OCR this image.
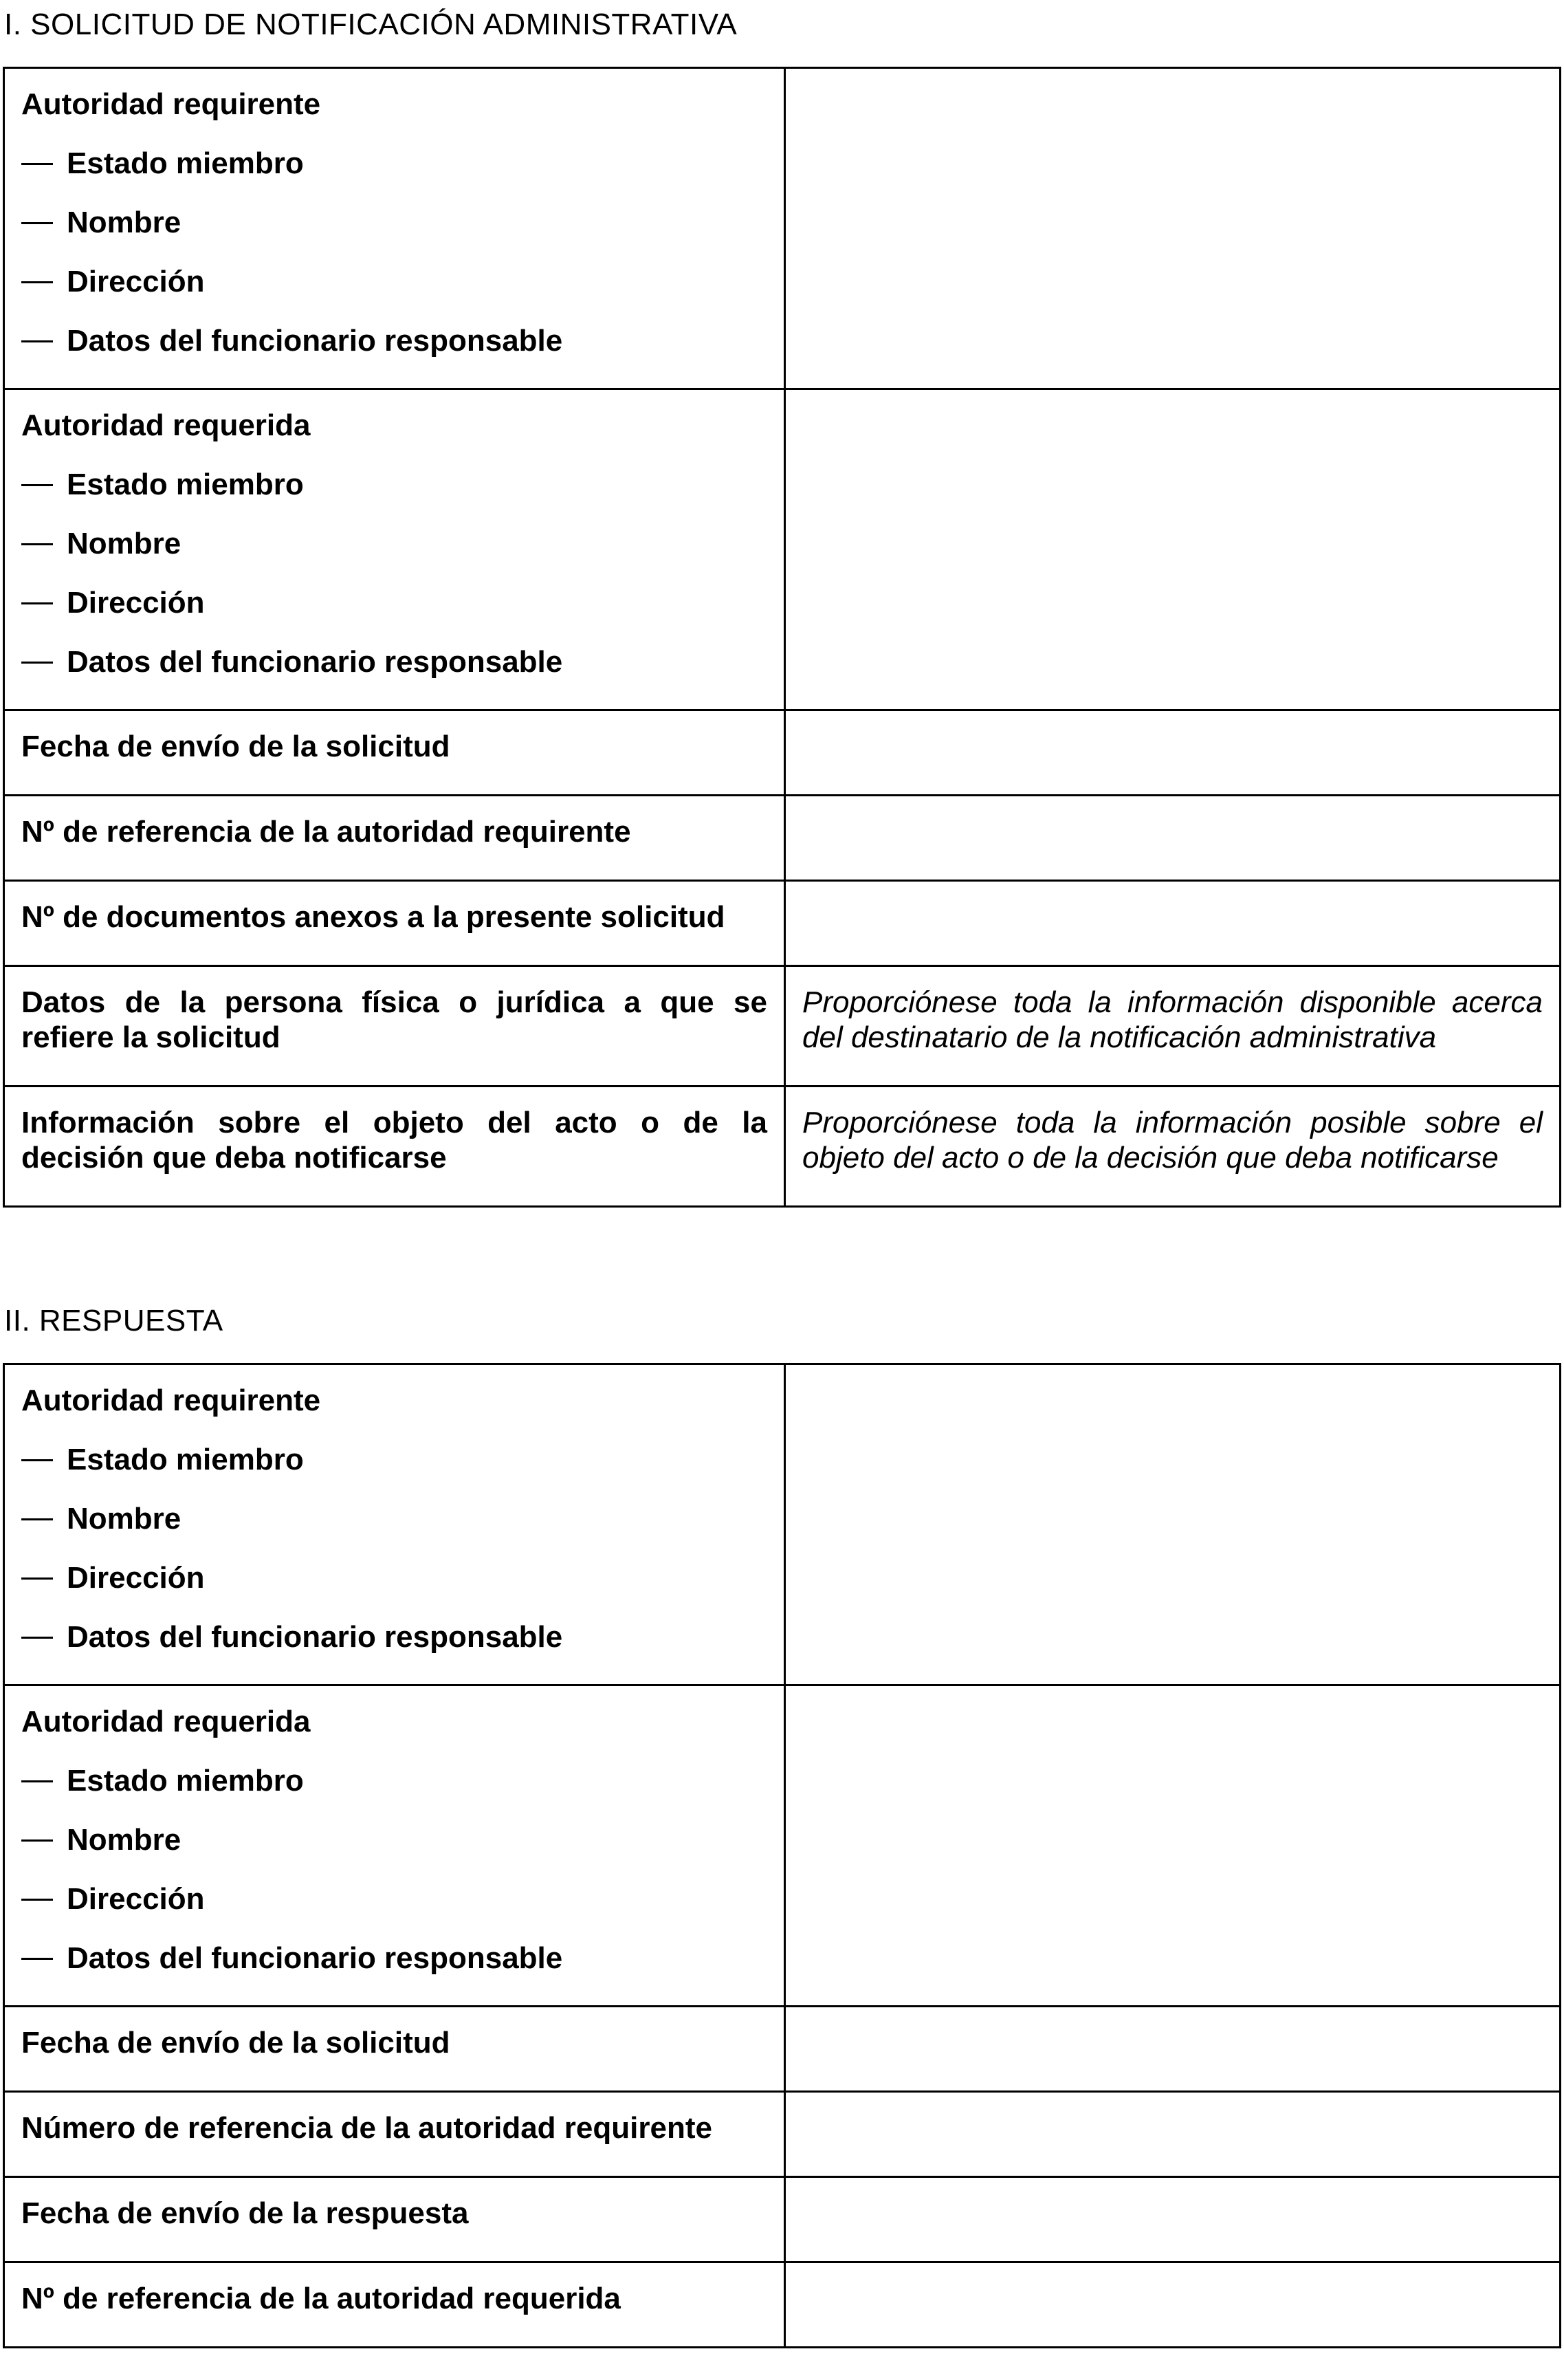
I. SOLICITUD DE NOTIFICACIÓN ADMINISTRATIVA
Autoridad requirente
Estado miembro
Nombre
Dirección
Datos del funcionario responsable	

Autoridad requerida
Estado miembro
Nombre
Dirección
Datos del funcionario responsable	

Fecha de envío de la solicitud	

Nº de referencia de la autoridad requirente	

Nº de documentos anexos a la presente solicitud	

Datos de la persona física o jurídica a que se refiere la solicitud	Proporciónese toda la información disponible acerca del destinatario de la notificación administrativa

Información sobre el objeto del acto o de la decisión que deba notificarse	Proporciónese toda la información posible sobre el objeto del acto o de la decisión que deba notificarse
II. RESPUESTA
Autoridad requirente
Estado miembro
Nombre
Dirección
Datos del funcionario responsable	

Autoridad requerida
Estado miembro
Nombre
Dirección
Datos del funcionario responsable	

Fecha de envío de la solicitud	

Número de referencia de la autoridad requirente	

Fecha de envío de la respuesta	

Nº de referencia de la autoridad requerida	
